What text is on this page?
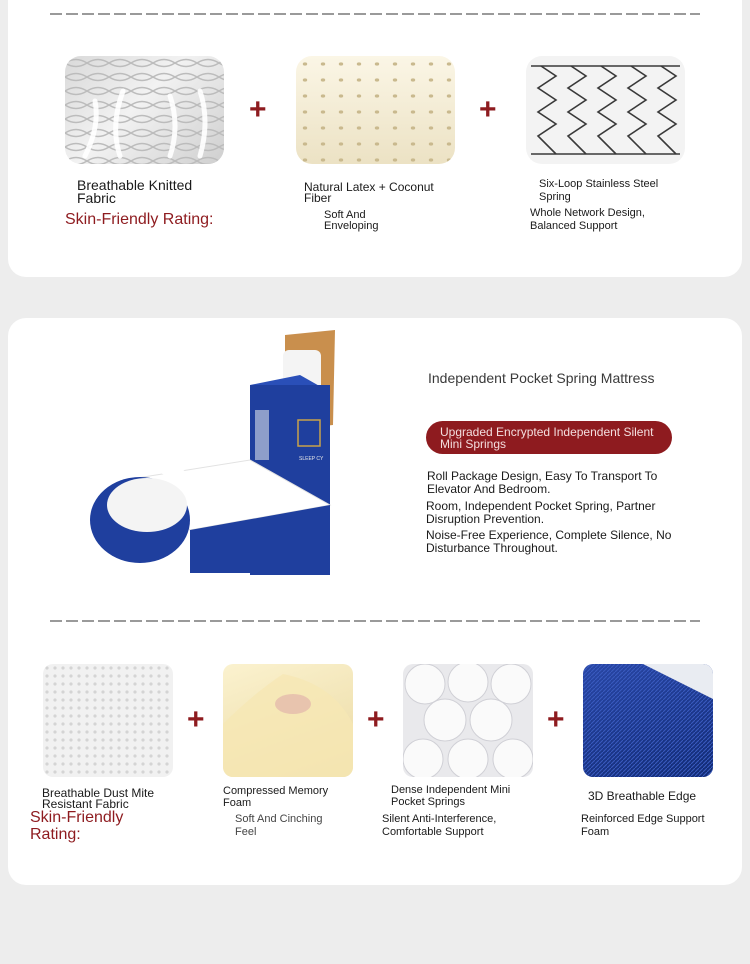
+	+
Breathable Knitted Fabric
Skin-Friendly Rating:
Natural Latex + Coconut Fiber
Soft And Enveloping
Six-Loop Stainless Steel Spring
Whole Network Design, Balanced Support
SLEEP CY
Independent Pocket Spring Mattress
Upgraded Encrypted Independent Silent Mini Springs
Roll Package Design, Easy To Transport To Elevator And Bedroom.
Room, Independent Pocket Spring, Partner Disruption Prevention.
Noise-Free Experience, Complete Silence, No Disturbance Throughout.
+	+	+
Breathable Dust Mite Resistant Fabric
Skin-Friendly Rating:
Compressed Memory Foam
Soft And Cinching Feel
Dense Independent Mini Pocket Springs
Silent Anti-Interference, Comfortable Support
3D Breathable Edge
Reinforced Edge Support Foam
